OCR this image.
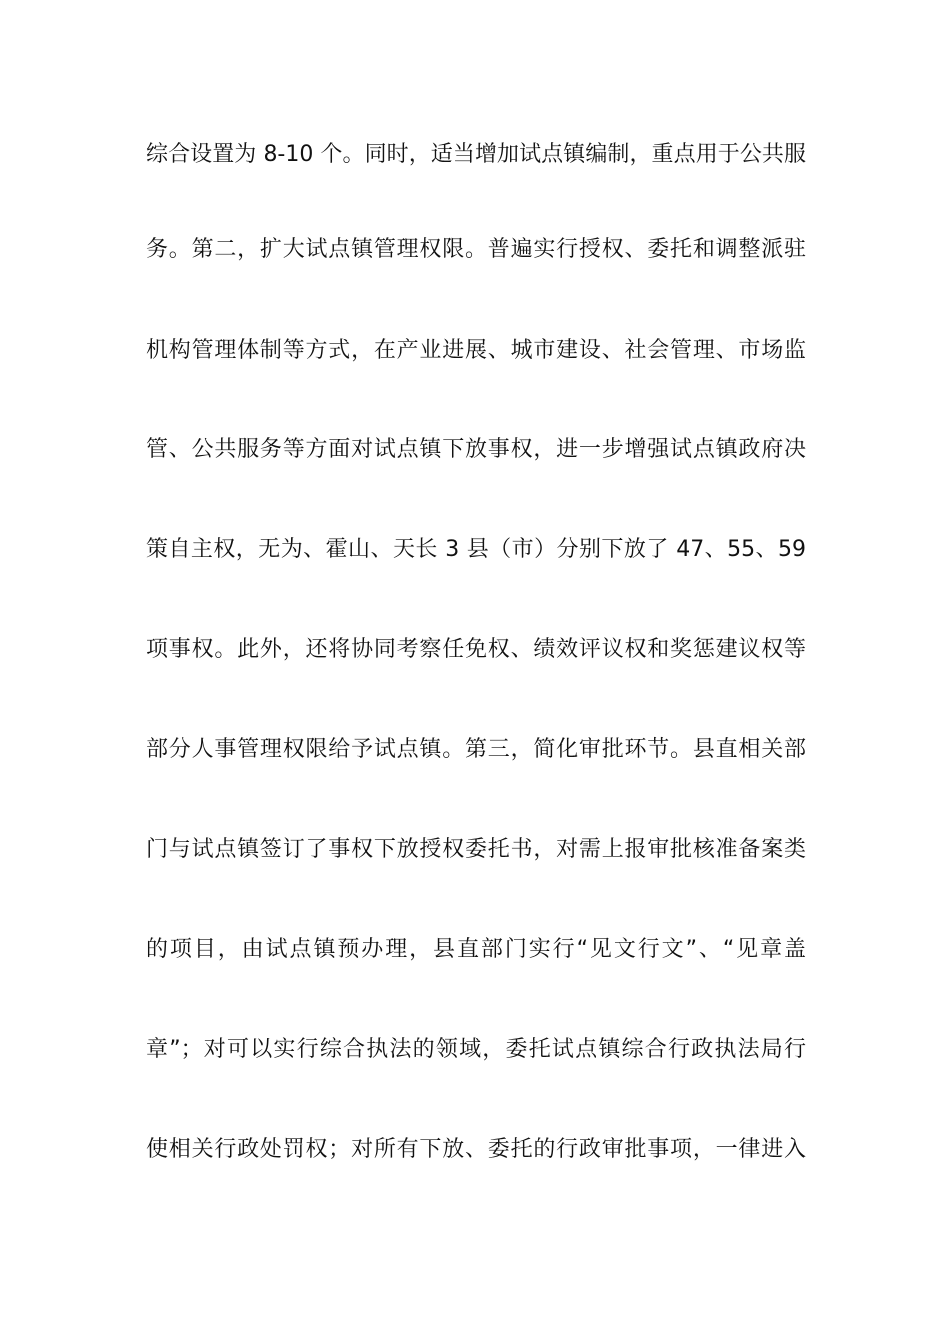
综合设置为 8-10 个。同时，适当增加试点镇编制，重点用于公共服
务。第二，扩大试点镇管理权限。普遍实行授权、委托和调整派驻
机构管理体制等方式，在产业进展、城市建设、社会管理、市场监
管、公共服务等方面对试点镇下放事权，进一步增强试点镇政府决
策自主权，无为、霍山、天长 3 县（市）分别下放了 47、55、59
项事权。此外，还将协同考察任免权、绩效评议权和奖惩建议权等
部分人事管理权限给予试点镇。第三，简化审批环节。县直相关部
门与试点镇签订了事权下放授权委托书，对需上报审批核准备案类
的项目，由试点镇预办理，县直部门实行“见文行文”、“见章盖
章”；对可以实行综合执法的领域，委托试点镇综合行政执法局行
使相关行政处罚权；对所有下放、委托的行政审批事项，一律进入
